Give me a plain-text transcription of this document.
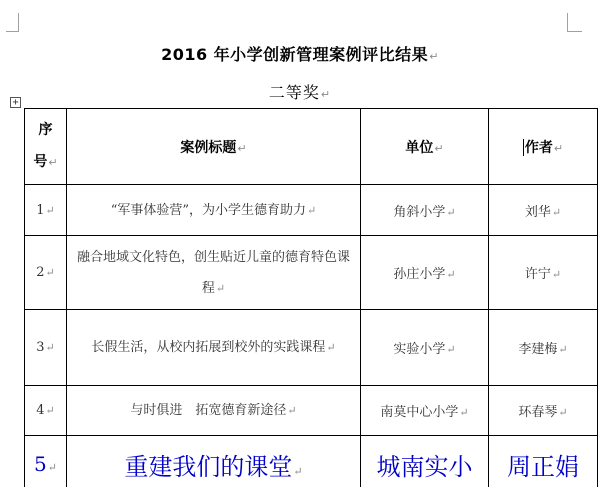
2016 年小学创新管理案例评比结果↵
二等奖↵
+
序
号↵	案例标题↵	单位↵	作者↵
1↵	“军事体验营”，为小学生德育助力↵	角斜小学↵	刘华↵
2↵	融合地域文化特色，创生贴近儿童的德育特色课程↵	孙庄小学↵	许宁↵
3↵	长假生活，从校内拓展到校外的实践课程↵	实验小学↵	李建梅↵
4↵	与时俱进　拓宽德育新途径↵	南莫中心小学↵	环春琴↵
5↵	重建我们的课堂↵	城南实小	周正娟
